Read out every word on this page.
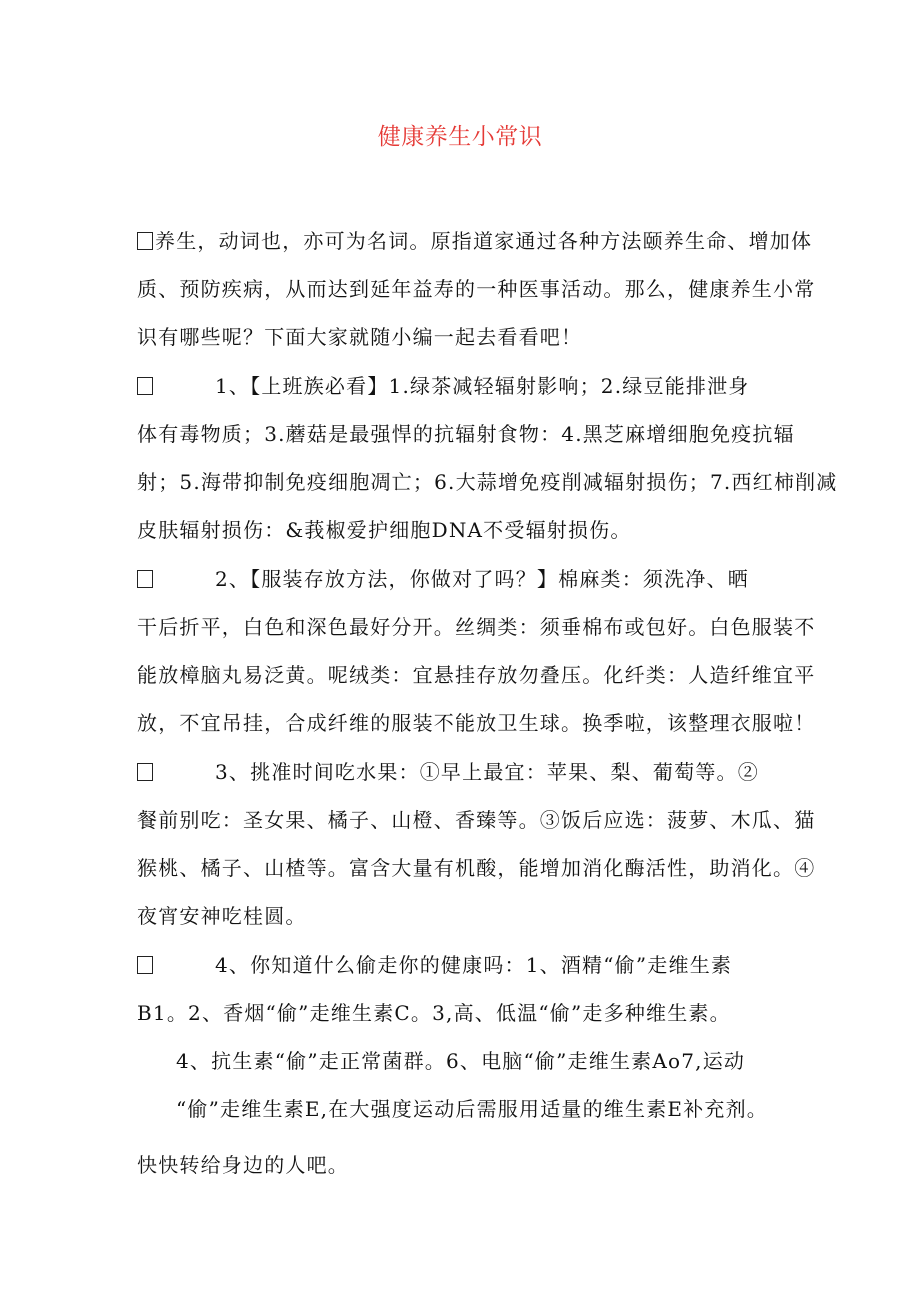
健康养生小常识
养生，动词也，亦可为名词。原指道家通过各种方法颐养生命、增加体
质、预防疾病，从而达到延年益寿的一种医事活动。那么，健康养生小常
识有哪些呢？下面大家就随小编一起去看看吧！
1、【上班族必看】1.绿茶减轻辐射影响；2.绿豆能排泄身
体有毒物质；3.蘑菇是最强悍的抗辐射食物：4.黑芝麻增细胞免疫抗辐
射；5.海带抑制免疫细胞凋亡；6.大蒜增免疫削减辐射损伤；7.西红柿削减
皮肤辐射损伤：&莪椒爱护细胞DNA不受辐射损伤。
2、【服装存放方法，你做对了吗？】棉麻类：须洗净、晒
干后折平，白色和深色最好分开。丝绸类：须垂棉布或包好。白色服装不
能放樟脑丸易泛黄。呢绒类：宜悬挂存放勿叠压。化纤类：人造纤维宜平
放，不宜吊挂，合成纤维的服装不能放卫生球。换季啦，该整理衣服啦！
3、挑准时间吃水果：①早上最宜：苹果、梨、葡萄等。②
餐前别吃：圣女果、橘子、山橙、香臻等。③饭后应选：菠萝、木瓜、猫
猴桃、橘子、山楂等。富含大量有机酸，能增加消化酶活性，助消化。④
夜宵安神吃桂圆。
4、你知道什么偷走你的健康吗：1、酒精“偷”走维生素
B1。2、香烟“偷”走维生素C。3,高、低温“偷”走多种维生素。
4、抗生素“偷”走正常菌群。6、电脑“偷”走维生素Ao7,运动
“偷”走维生素E,在大强度运动后需服用适量的维生素E补充剂。
快快转给身边的人吧。
